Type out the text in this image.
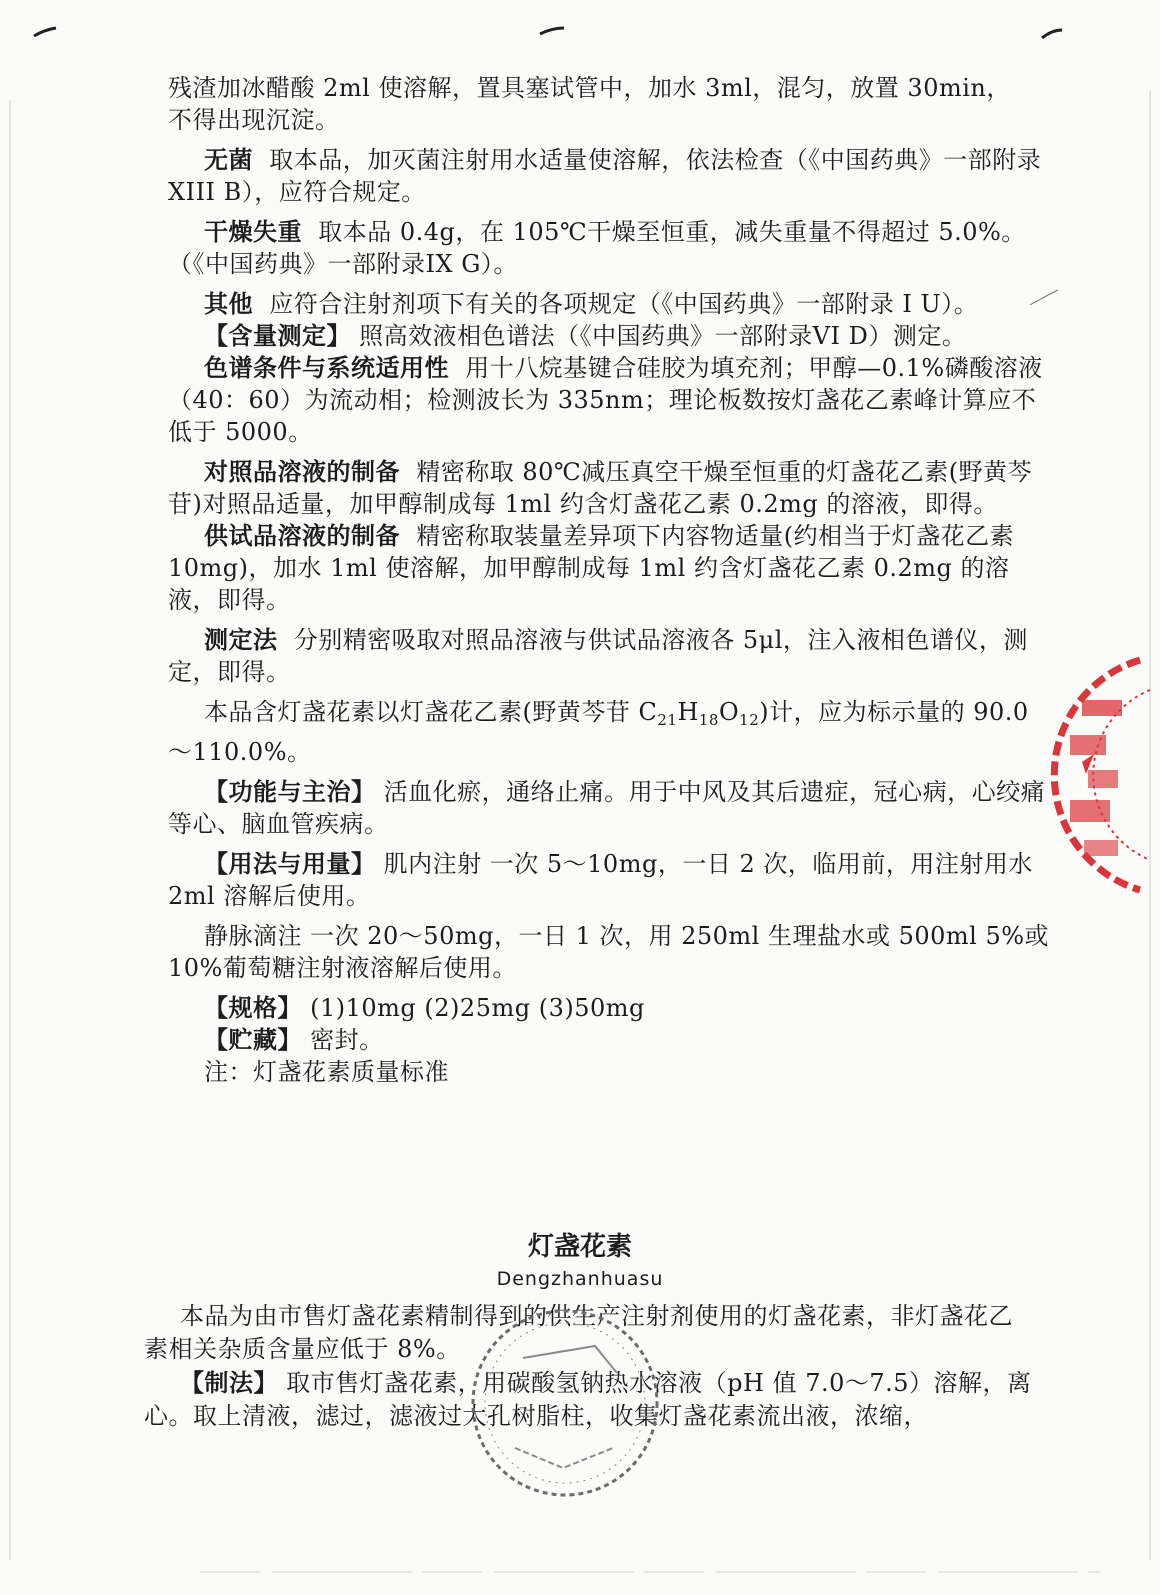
残渣加冰醋酸 2ml 使溶解，置具塞试管中，加水 3ml，混匀，放置 30min，
不得出现沉淀。

无菌 取本品，加灭菌注射用水适量使溶解，依法检查（《中国药典》一部附录 XIII B），应符合规定。

干燥失重 取本品 0.4g，在 105℃干燥至恒重，减失重量不得超过 5.0%。（《中国药典》一部附录IX G）。

其他 应符合注射剂项下有关的各项规定（《中国药典》一部附录 I U）。

【含量测定】 照高效液相色谱法（《中国药典》一部附录VI D）测定。

色谱条件与系统适用性 用十八烷基键合硅胶为填充剂；甲醇—0.1%磷酸溶液（40：60）为流动相；检测波长为 335nm；理论板数按灯盏花乙素峰计算应不低于 5000。

对照品溶液的制备 精密称取 80℃减压真空干燥至恒重的灯盏花乙素(野黄芩苷)对照品适量，加甲醇制成每 1ml 约含灯盏花乙素 0.2mg 的溶液，即得。

供试品溶液的制备 精密称取装量差异项下内容物适量(约相当于灯盏花乙素 10mg)，加水 1ml 使溶解，加甲醇制成每 1ml 约含灯盏花乙素 0.2mg 的溶液，即得。

测定法 分别精密吸取对照品溶液与供试品溶液各 5μl，注入液相色谱仪，测定，即得。

本品含灯盏花素以灯盏花乙素(野黄芩苷 $C_{21}H_{18}O_{12}$)计，应为标示量的 90.0～110.0%。

【功能与主治】 活血化瘀，通络止痛。用于中风及其后遗症，冠心病，心绞痛等心、脑血管疾病。

【用法与用量】 肌内注射 一次 5～10mg，一日 2 次，临用前，用注射用水 2ml 溶解后使用。

静脉滴注 一次 20～50mg，一日 1 次，用 250ml 生理盐水或 500ml 5%或 10%葡萄糖注射液溶解后使用。

【规格】 (1)10mg (2)25mg (3)50mg

【贮藏】 密封。

注：灯盏花素质量标准

灯盏花素
Dengzhanhuasu

本品为由市售灯盏花素精制得到的供生产注射剂使用的灯盏花素，非灯盏花乙素相关杂质含量应低于 8%。

【制法】 取市售灯盏花素，用碳酸氢钠热水溶液（pH 值 7.0～7.5）溶解，离心。取上清液，滤过，滤液过大孔树脂柱，收集灯盏花素流出液，浓缩，
